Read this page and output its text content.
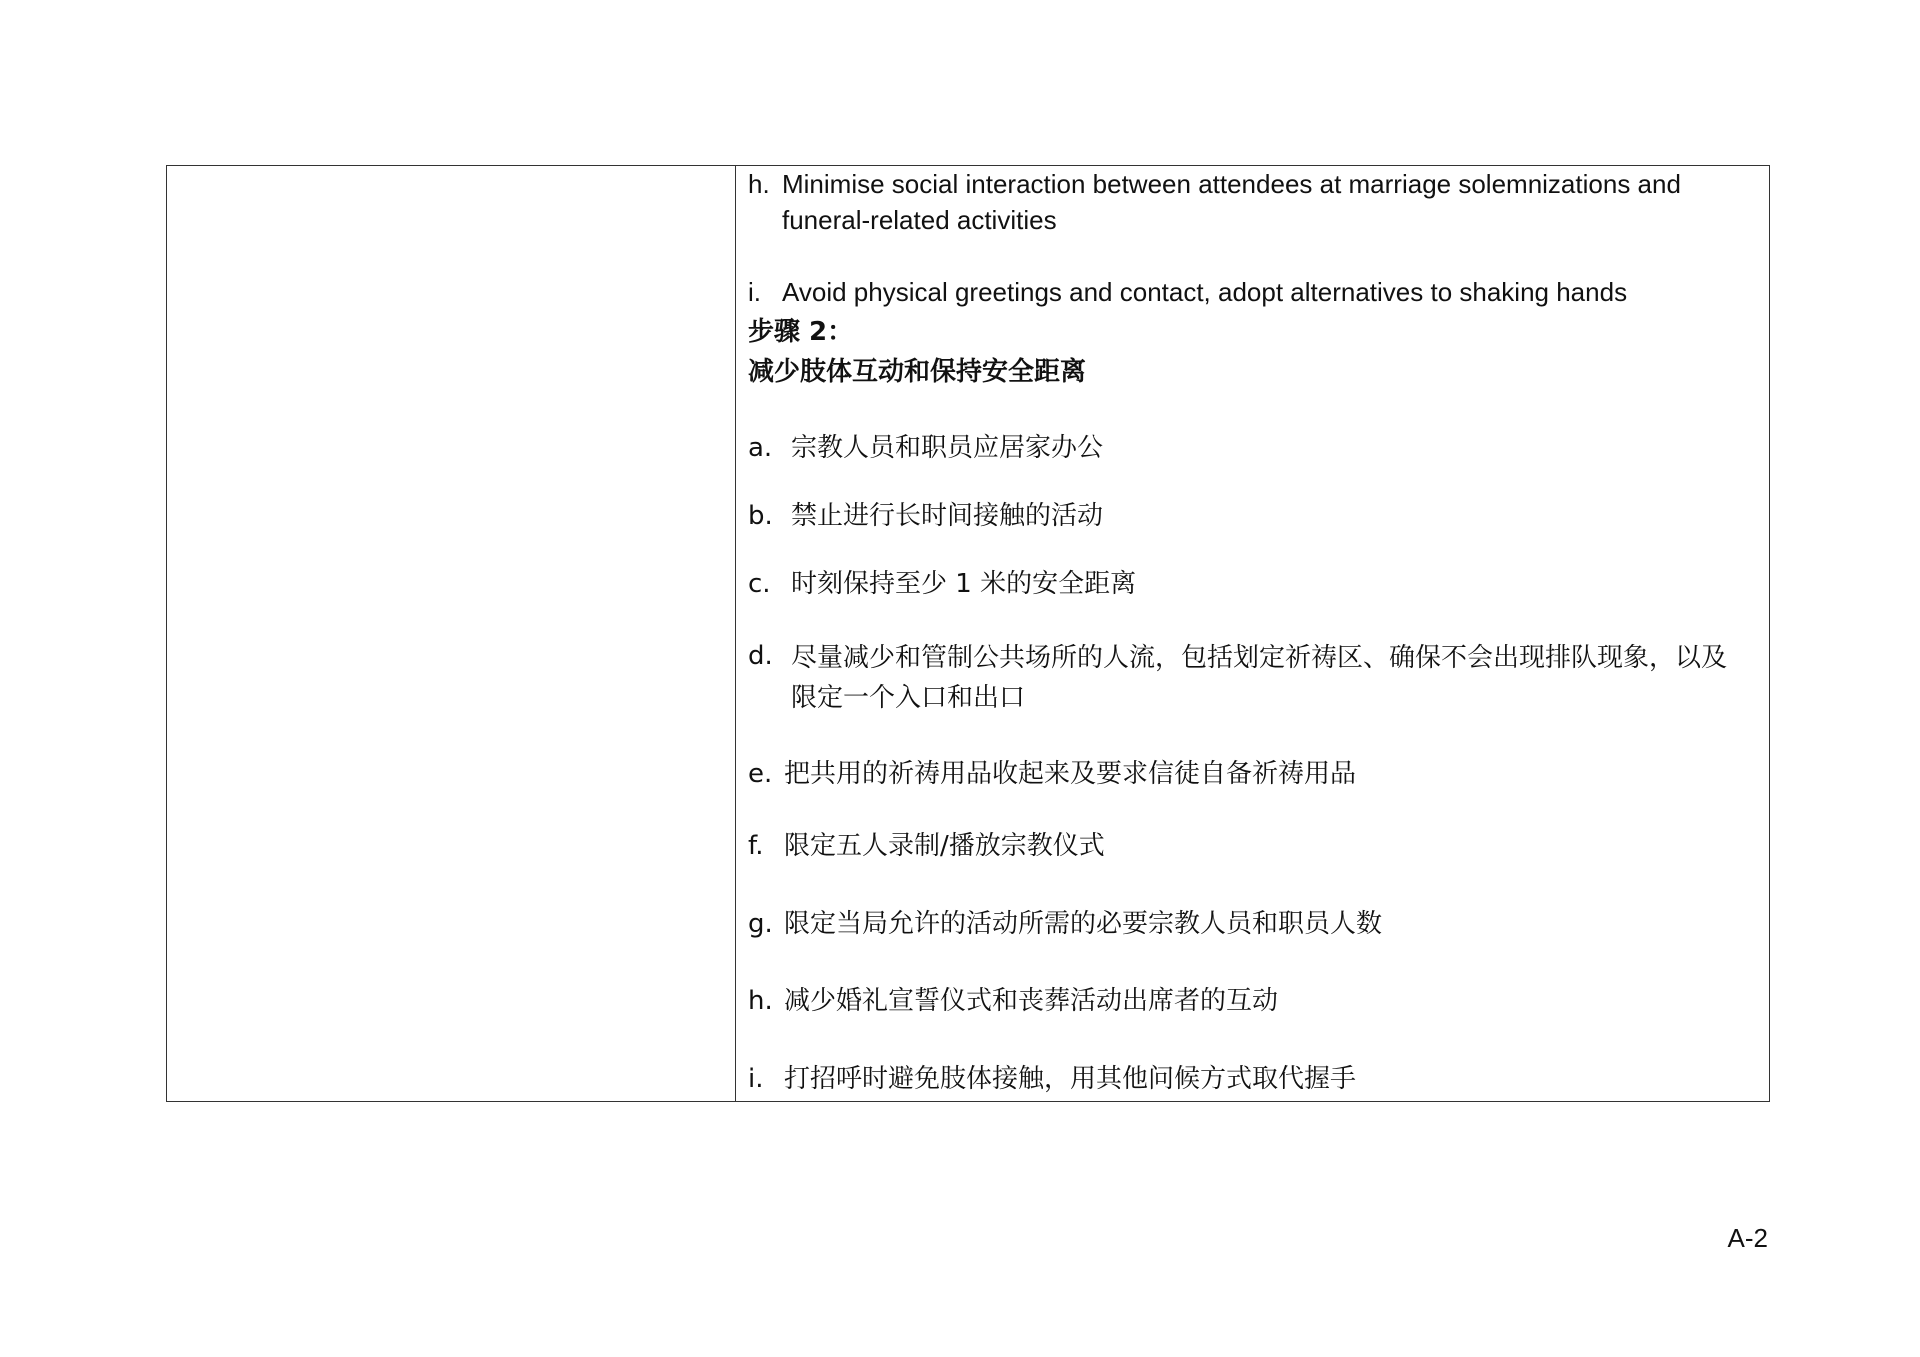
h. Minimise social interaction between attendees at marriage solemnizations and funeral-related activities
i. Avoid physical greetings and contact, adopt alternatives to shaking hands
步骤 2：
减少肢体互动和保持安全距离
a. 宗教人员和职员应居家办公
b. 禁止进行长时间接触的活动
c. 时刻保持至少 1 米的安全距离
d. 尽量减少和管制公共场所的人流，包括划定祈祷区、确保不会出现排队现象，以及限定一个入口和出口
e. 把共用的祈祷用品收起来及要求信徒自备祈祷用品
f. 限定五人录制/播放宗教仪式
g. 限定当局允许的活动所需的必要宗教人员和职员人数
h. 减少婚礼宣誓仪式和丧葬活动出席者的互动
i. 打招呼时避免肢体接触，用其他问候方式取代握手
A-2
